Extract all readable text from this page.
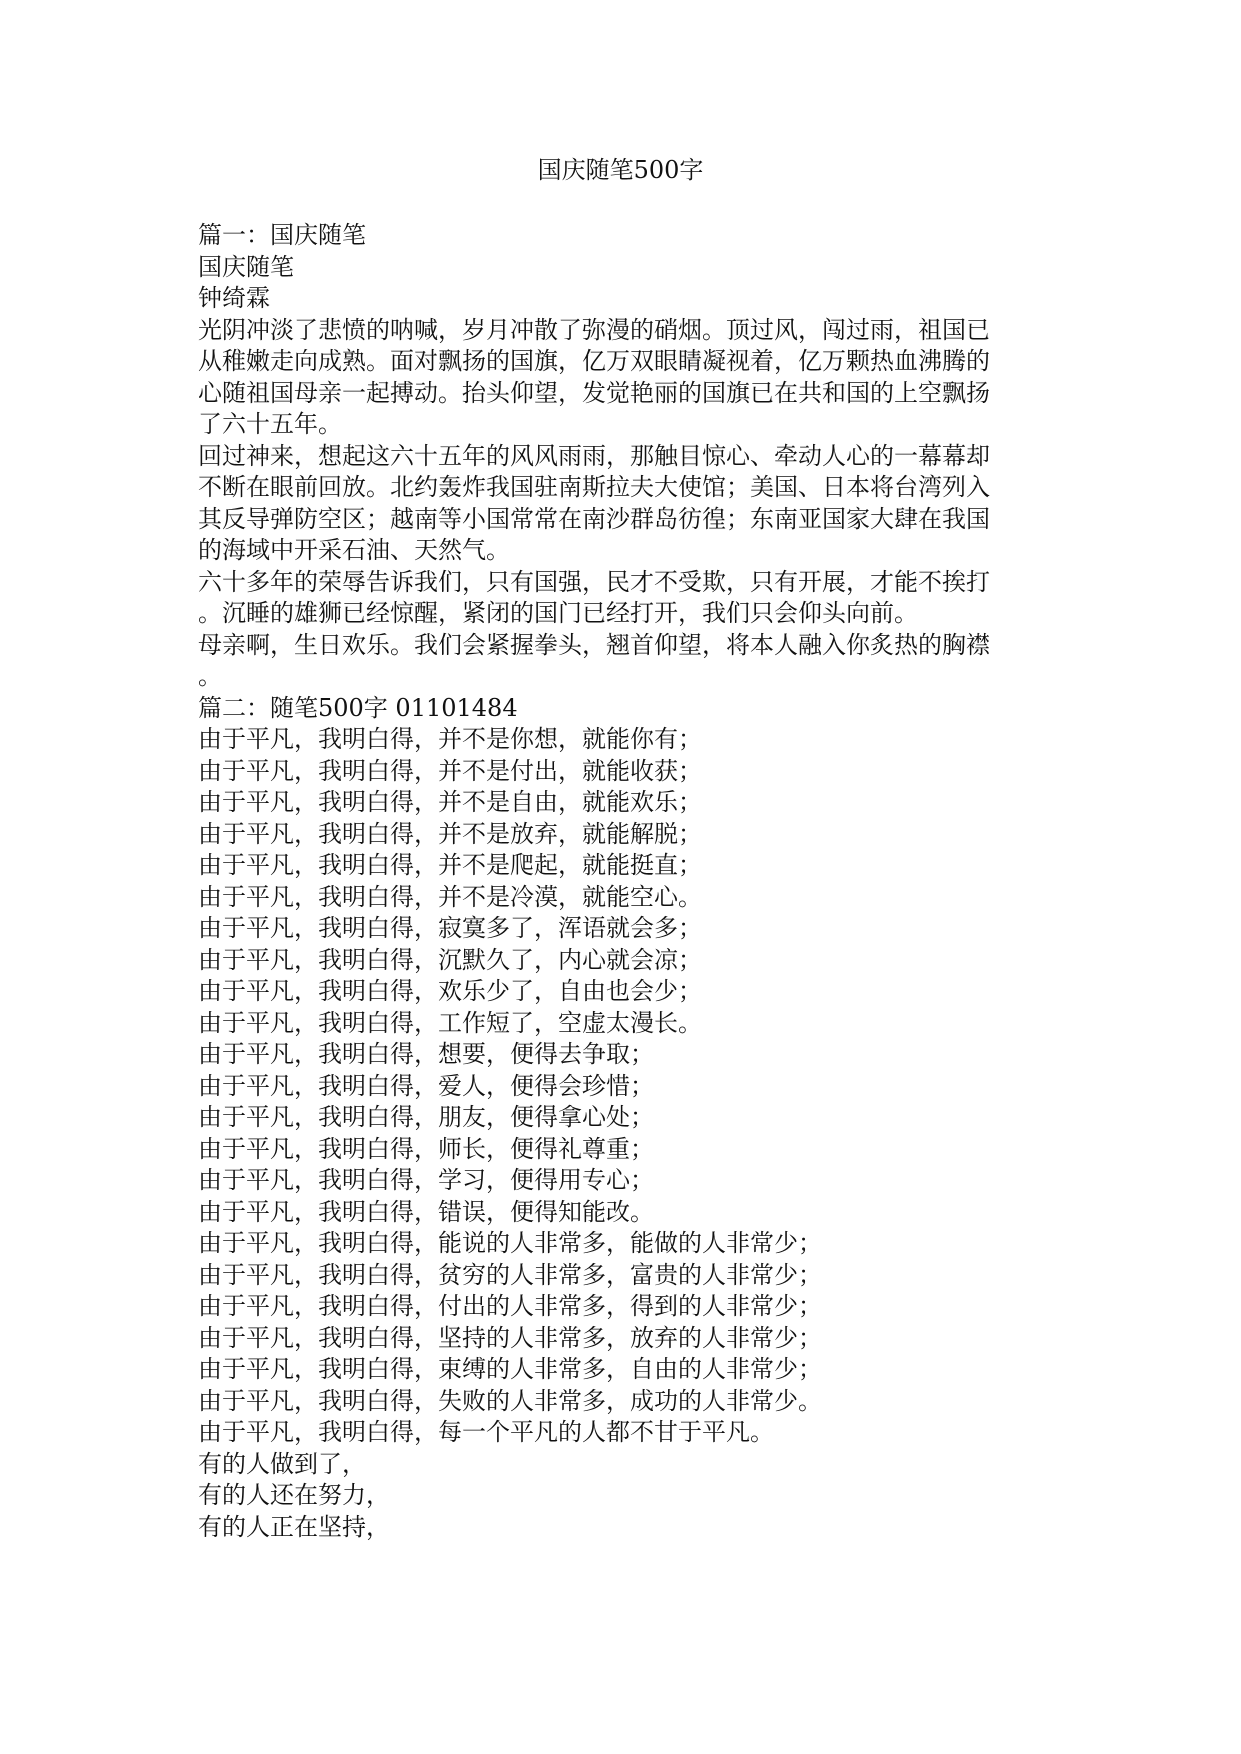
国庆随笔500字
篇一：国庆随笔
国庆随笔
钟绮霖
光阴冲淡了悲愤的呐喊，岁月冲散了弥漫的硝烟。顶过风，闯过雨，祖国已
从稚嫩走向成熟。面对飘扬的国旗，亿万双眼睛凝视着，亿万颗热血沸腾的
心随祖国母亲一起搏动。抬头仰望，发觉艳丽的国旗已在共和国的上空飘扬
了六十五年。
回过神来，想起这六十五年的风风雨雨，那触目惊心、牵动人心的一幕幕却
不断在眼前回放。北约轰炸我国驻南斯拉夫大使馆；美国、日本将台湾列入
其反导弹防空区；越南等小国常常在南沙群岛彷徨；东南亚国家大肆在我国
的海域中开采石油、天然气。
六十多年的荣辱告诉我们，只有国强，民才不受欺，只有开展，才能不挨打
。沉睡的雄狮已经惊醒，紧闭的国门已经打开，我们只会仰头向前。
母亲啊，生日欢乐。我们会紧握拳头，翘首仰望，将本人融入你炙热的胸襟
。
篇二：随笔500字 01101484
由于平凡，我明白得，并不是你想，就能你有；
由于平凡，我明白得，并不是付出，就能收获；
由于平凡，我明白得，并不是自由，就能欢乐；
由于平凡，我明白得，并不是放弃，就能解脱；
由于平凡，我明白得，并不是爬起，就能挺直；
由于平凡，我明白得，并不是冷漠，就能空心。
由于平凡，我明白得，寂寞多了，浑语就会多；
由于平凡，我明白得，沉默久了，内心就会凉；
由于平凡，我明白得，欢乐少了，自由也会少；
由于平凡，我明白得，工作短了，空虚太漫长。
由于平凡，我明白得，想要，便得去争取；
由于平凡，我明白得，爱人，便得会珍惜；
由于平凡，我明白得，朋友，便得拿心处；
由于平凡，我明白得，师长，便得礼尊重；
由于平凡，我明白得，学习，便得用专心；
由于平凡，我明白得，错误，便得知能改。
由于平凡，我明白得，能说的人非常多，能做的人非常少；
由于平凡，我明白得，贫穷的人非常多，富贵的人非常少；
由于平凡，我明白得，付出的人非常多，得到的人非常少；
由于平凡，我明白得，坚持的人非常多，放弃的人非常少；
由于平凡，我明白得，束缚的人非常多，自由的人非常少；
由于平凡，我明白得，失败的人非常多，成功的人非常少。
由于平凡，我明白得，每一个平凡的人都不甘于平凡。
有的人做到了，
有的人还在努力，
有的人正在坚持，
